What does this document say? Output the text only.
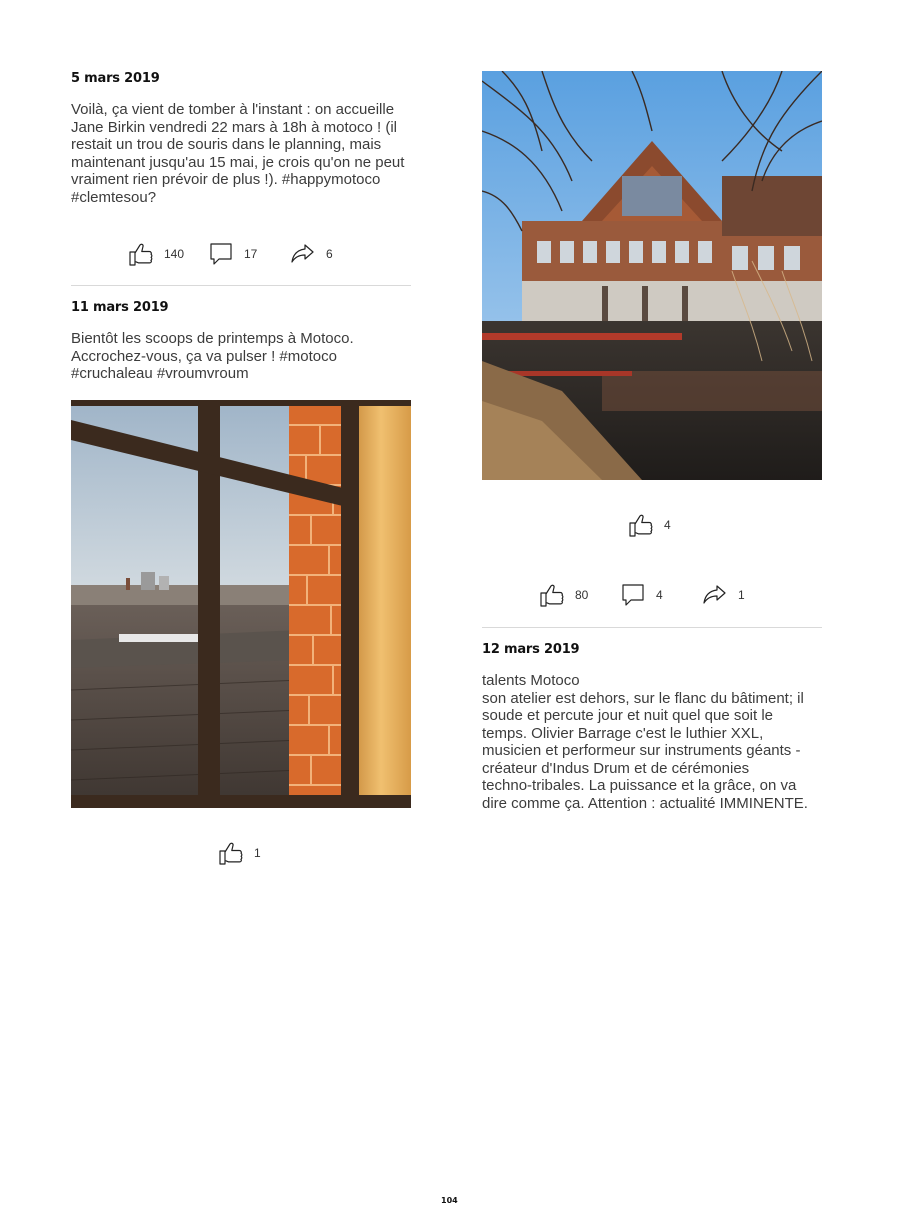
5 mars 2019

Voilà, ça vient de tomber à l'instant : on accueille
Jane Birkin vendredi 22 mars à 18h à motoco ! (il
restait un trou de souris dans le planning, mais
maintenant jusqu'au 15 mai, je crois qu'on ne peut
vraiment rien prévoir de plus !). #happymotoco
#clemtesou?

140	17	6
11 mars 2019

Bientôt les scoops de printemps à Motoco.
Accrochez-vous, ça va pulser ! #motoco
#cruchaleau #vroumvroum

1
4
80	4	1
12 mars 2019

talents Motoco
son atelier est dehors, sur le flanc du bâtiment; il
soude et percute jour et nuit quel que soit le
temps. Olivier Barrage c'est le luthier XXL,
musicien et performeur sur instruments géants -
créateur d'Indus Drum et de cérémonies
techno-tribales. La puissance et la grâce, on va
dire comme ça. Attention : actualité IMMINENTE.

104
